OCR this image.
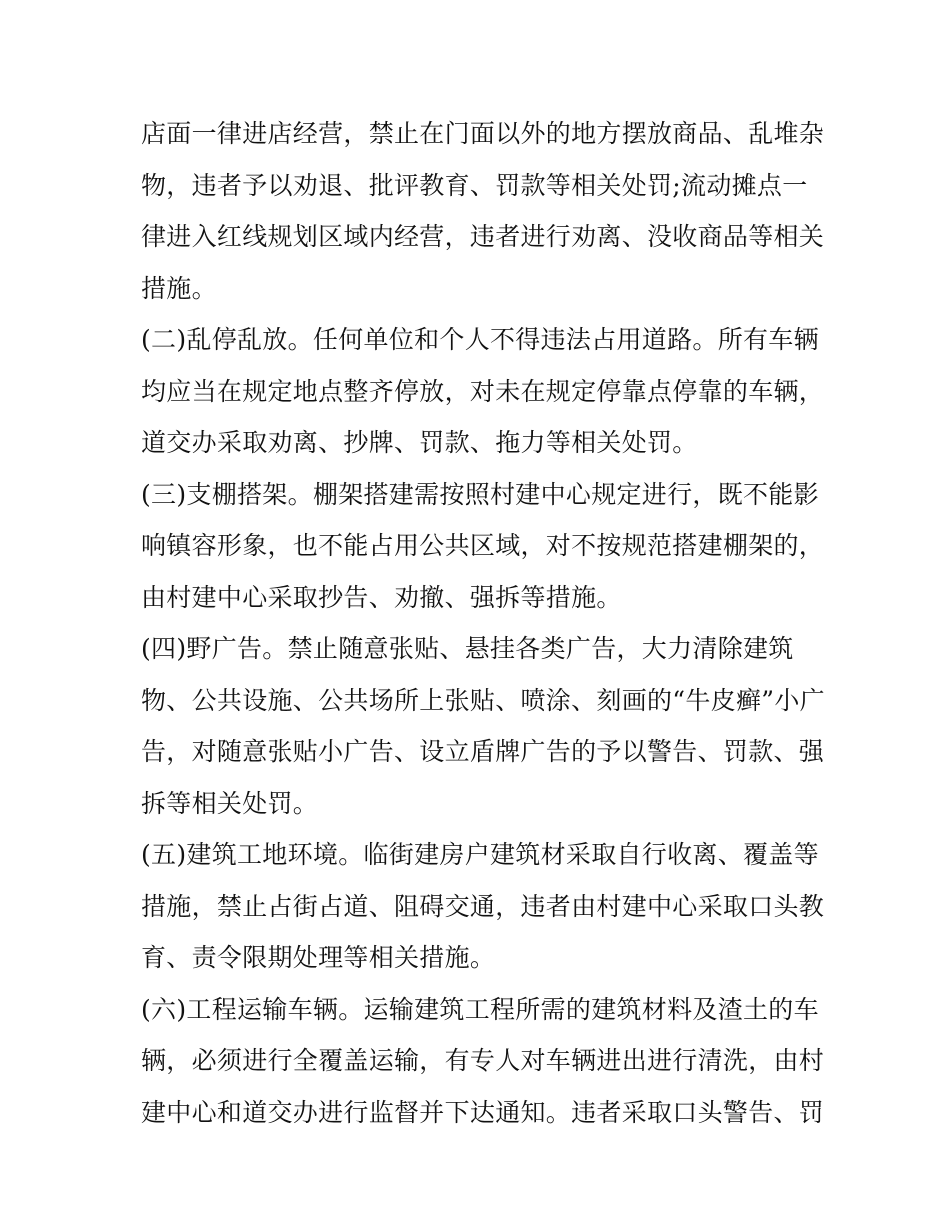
店面一律进店经营，禁止在门面以外的地方摆放商品、乱堆杂
物，违者予以劝退、批评教育、罚款等相关处罚;流动摊点一
律进入红线规划区域内经营，违者进行劝离、没收商品等相关
措施。
(二)乱停乱放。任何单位和个人不得违法占用道路。所有车辆
均应当在规定地点整齐停放，对未在规定停靠点停靠的车辆，
道交办采取劝离、抄牌、罚款、拖力等相关处罚。
(三)支棚搭架。棚架搭建需按照村建中心规定进行，既不能影
响镇容形象，也不能占用公共区域，对不按规范搭建棚架的，
由村建中心采取抄告、劝撤、强拆等措施。
(四)野广告。禁止随意张贴、悬挂各类广告，大力清除建筑
物、公共设施、公共场所上张贴、喷涂、刻画的“牛皮癣”小广
告，对随意张贴小广告、设立盾牌广告的予以警告、罚款、强
拆等相关处罚。
(五)建筑工地环境。临街建房户建筑材采取自行收离、覆盖等
措施，禁止占街占道、阻碍交通，违者由村建中心采取口头教
育、责令限期处理等相关措施。
(六)工程运输车辆。运输建筑工程所需的建筑材料及渣土的车
辆，必须进行全覆盖运输，有专人对车辆进出进行清洗，由村
建中心和道交办进行监督并下达通知。违者采取口头警告、罚
